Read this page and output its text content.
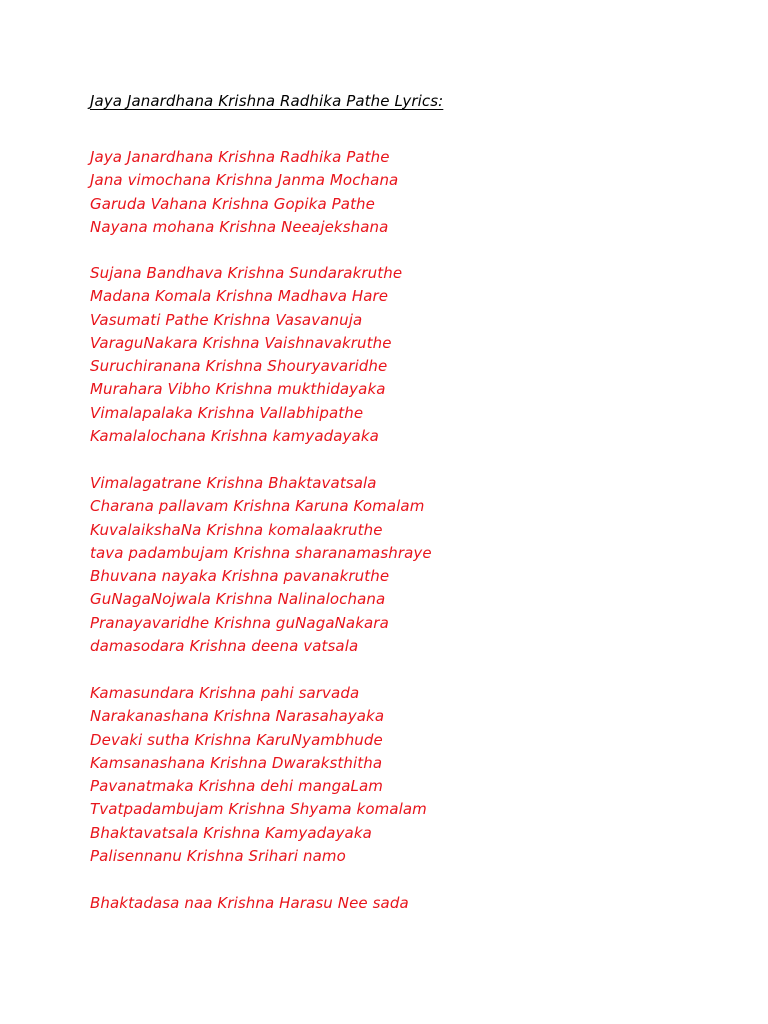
Jaya Janardhana Krishna Radhika Pathe Lyrics:
Jaya Janardhana Krishna Radhika Pathe
Jana vimochana Krishna Janma Mochana
Garuda Vahana Krishna Gopika Pathe
Nayana mohana Krishna Neeajekshana
Sujana Bandhava Krishna Sundarakruthe
Madana Komala Krishna Madhava Hare
Vasumati Pathe Krishna Vasavanuja
VaraguNakara Krishna Vaishnavakruthe
Suruchiranana Krishna Shouryavaridhe
Murahara Vibho Krishna mukthidayaka
Vimalapalaka Krishna Vallabhipathe
Kamalalochana Krishna kamyadayaka
Vimalagatrane Krishna Bhaktavatsala
Charana pallavam Krishna Karuna Komalam
KuvalaikshaNa Krishna komalaakruthe
tava padambujam Krishna sharanamashraye
Bhuvana nayaka Krishna pavanakruthe
GuNagaNojwala Krishna Nalinalochana
Pranayavaridhe Krishna guNagaNakara
damasodara Krishna deena vatsala
Kamasundara Krishna pahi sarvada
Narakanashana Krishna Narasahayaka
Devaki sutha Krishna KaruNyambhude
Kamsanashana Krishna Dwaraksthitha
Pavanatmaka Krishna dehi mangaLam
Tvatpadambujam Krishna Shyama komalam
Bhaktavatsala Krishna Kamyadayaka
Palisennanu Krishna Srihari namo
Bhaktadasa naa Krishna Harasu Nee sada
